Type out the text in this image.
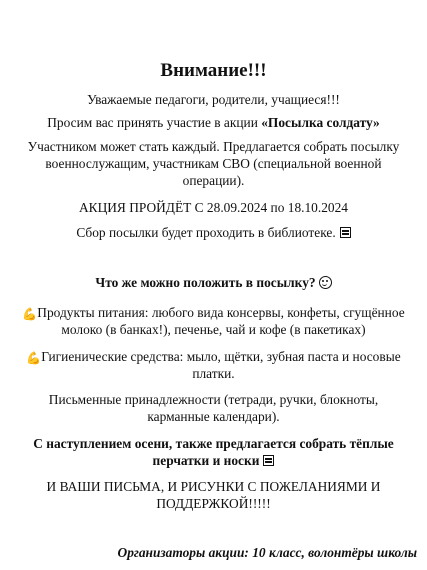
Внимание!!!
Уважаемые педагоги, родители, учащиеся!!!
Просим вас принять участие в акции «Посылка солдату»
Участником может стать каждый. Предлагается собрать посылку
военнослужащим, участникам СВО (специальной военной
операции).
АКЦИЯ ПРОЙДЁТ С 28.09.2024 по 18.10.2024
Сбор посылки будет проходить в библиотеке.
Что же можно положить в посылку?
💪Продукты питания: любого вида консервы, конфеты, сгущённое
молоко (в банках!), печенье, чай и кофе (в пакетиках)
💪Гигиенические средства: мыло, щётки, зубная паста и носовые
платки.
Письменные принадлежности (тетради, ручки, блокноты,
карманные календари).
С наступлением осени, также предлагается собрать тёплые
перчатки и носки
И ВАШИ ПИСЬМА, И РИСУНКИ С ПОЖЕЛАНИЯМИ И
ПОДДЕРЖКОЙ!!!!!
Организаторы акции: 10 класс, волонтёры школы
